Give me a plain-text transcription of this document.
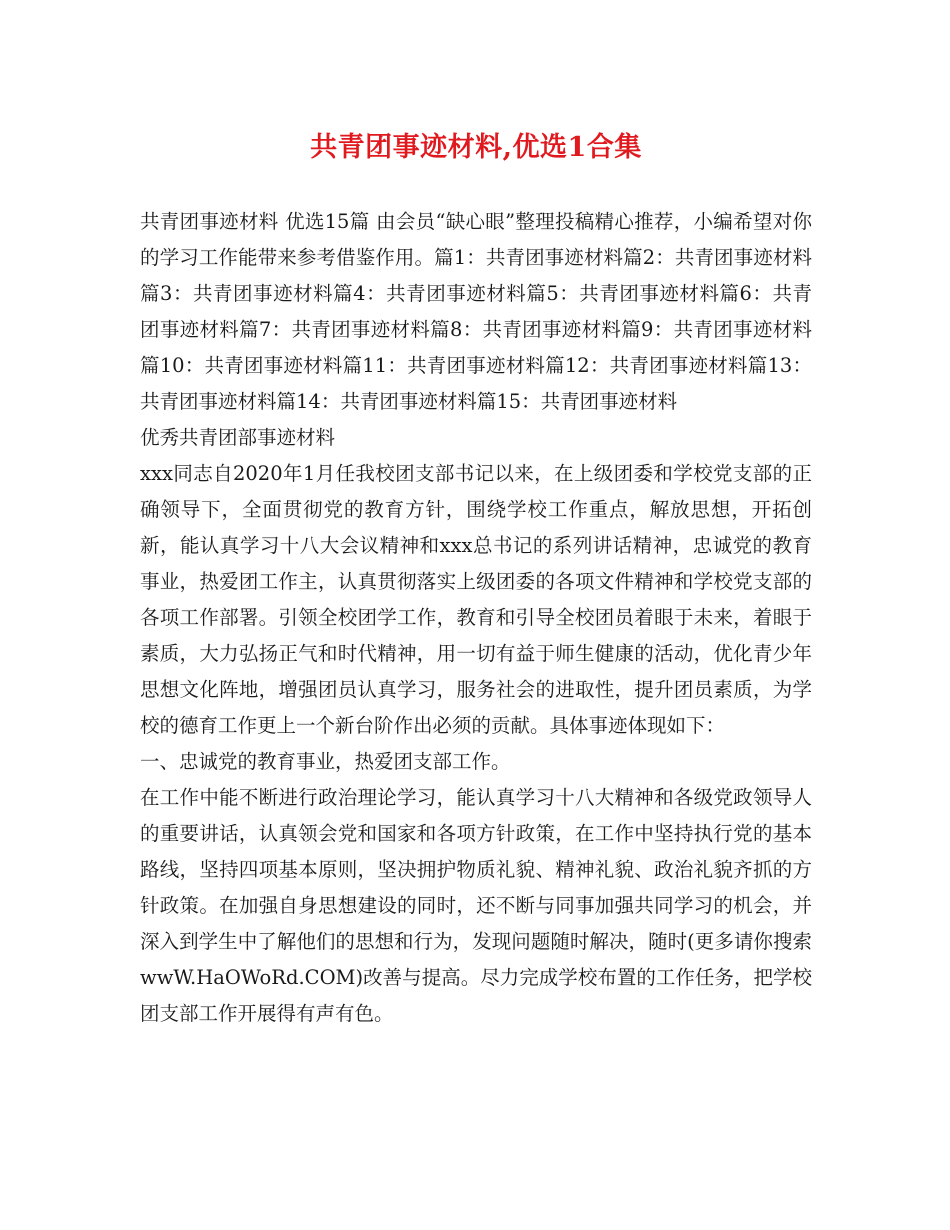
共青团事迹材料,优选1合集

共青团事迹材料 优选15篇 由会员“缺心眼”整理投稿精心推荐，小编希望对你的学习工作能带来参考借鉴作用。篇1：共青团事迹材料篇2：共青团事迹材料篇3：共青团事迹材料篇4：共青团事迹材料篇5：共青团事迹材料篇6：共青团事迹材料篇7：共青团事迹材料篇8：共青团事迹材料篇9：共青团事迹材料篇10：共青团事迹材料篇11：共青团事迹材料篇12：共青团事迹材料篇13：共青团事迹材料篇14：共青团事迹材料篇15：共青团事迹材料

优秀共青团部事迹材料

xxx同志自2020年1月任我校团支部书记以来，在上级团委和学校党支部的正确领导下，全面贯彻党的教育方针，围绕学校工作重点，解放思想，开拓创新，能认真学习十八大会议精神和xxx总书记的系列讲话精神，忠诚党的教育事业，热爱团工作主，认真贯彻落实上级团委的各项文件精神和学校党支部的各项工作部署。引领全校团学工作，教育和引导全校团员着眼于未来，着眼于素质，大力弘扬正气和时代精神，用一切有益于师生健康的活动，优化青少年思想文化阵地，增强团员认真学习，服务社会的进取性，提升团员素质，为学校的德育工作更上一个新台阶作出必须的贡献。具体事迹体现如下：

一、忠诚党的教育事业，热爱团支部工作。

在工作中能不断进行政治理论学习，能认真学习十八大精神和各级党政领导人的重要讲话，认真领会党和国家和各项方针政策，在工作中坚持执行党的基本路线，坚持四项基本原则，坚决拥护物质礼貌、精神礼貌、政治礼貌齐抓的方针政策。在加强自身思想建设的同时，还不断与同事加强共同学习的机会，并深入到学生中了解他们的思想和行为，发现问题随时解决，随时(更多请你搜索wwW.HaOWoRd.COM)改善与提高。尽力完成学校布置的工作任务，把学校团支部工作开展得有声有色。
